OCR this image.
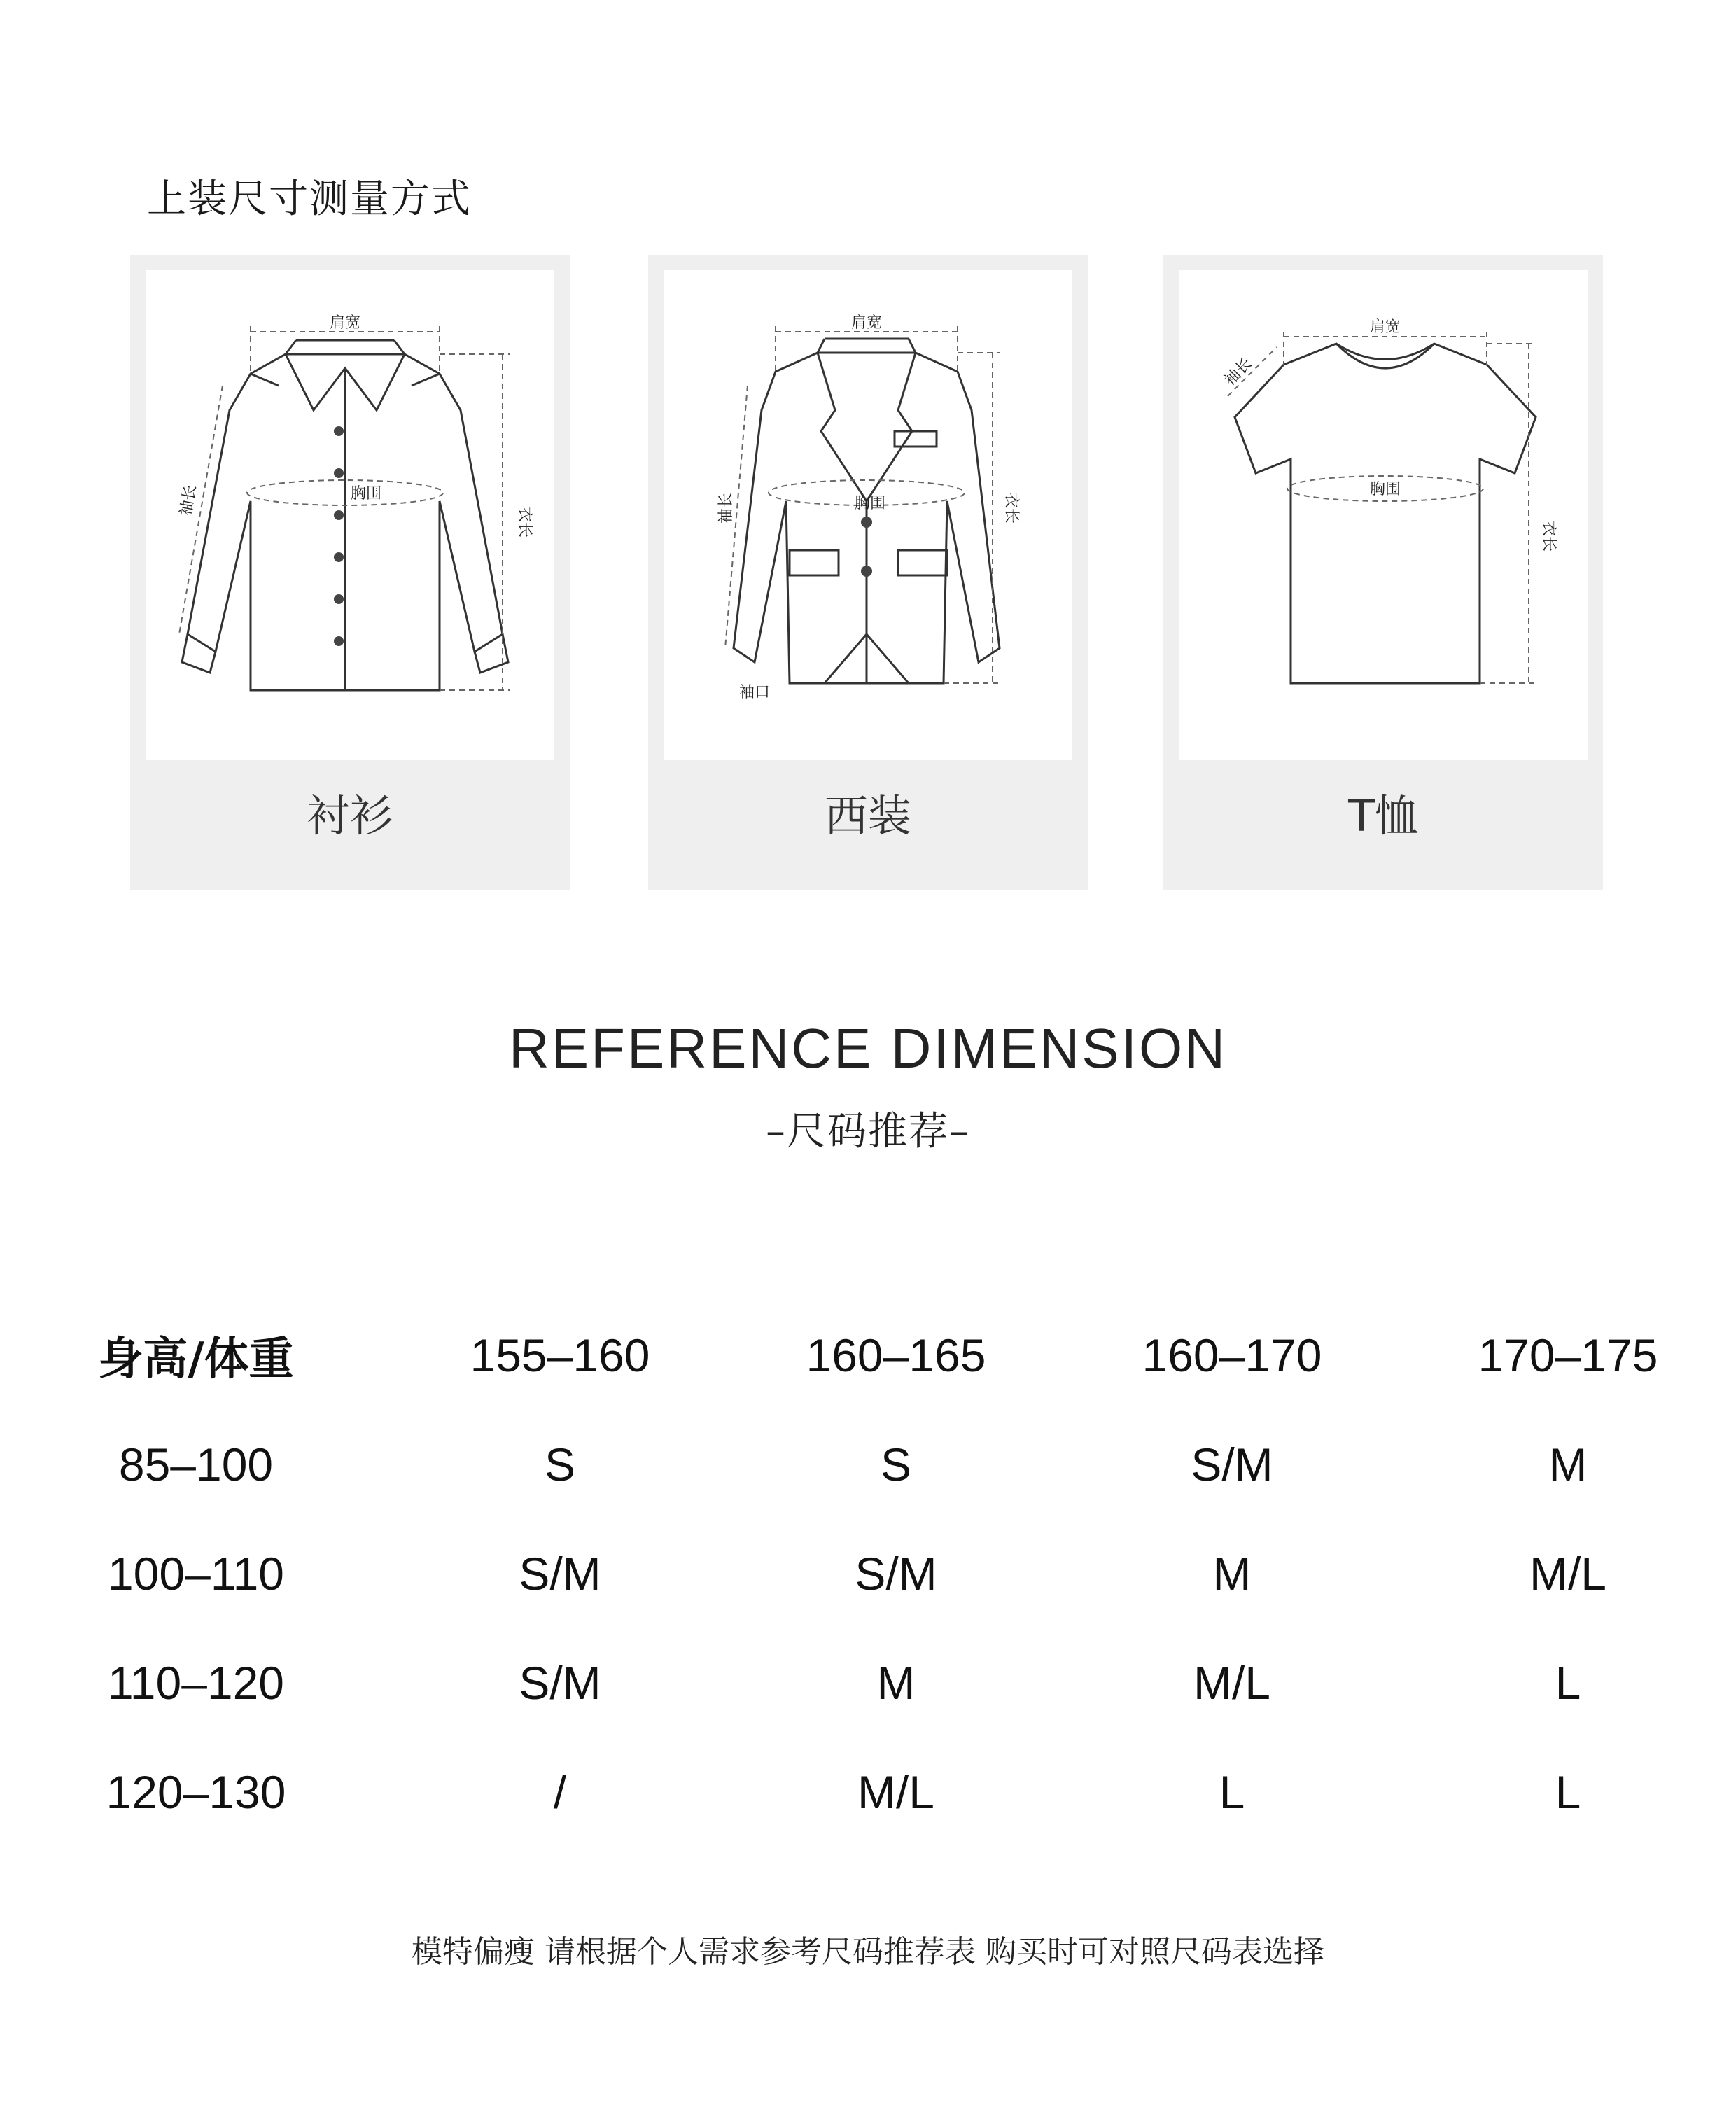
上装尺寸测量方式
肩宽
胸围
衣长
袖长
衬衫
肩宽
胸围	衣长
袖长
袖口
西装
肩宽
胸围
衣长
袖长
T恤
REFERENCE DIMENSION
–尺码推荐–
身高/体重	155–160	160–165	160–170	170–175
85–100	S	S	S/M	M
100–110	S/M	S/M	M	M/L
110–120	S/M	M	M/L	L
120–130	/	M/L	L	L
模特偏瘦 请根据个人需求参考尺码推荐表 购买时可对照尺码表选择
